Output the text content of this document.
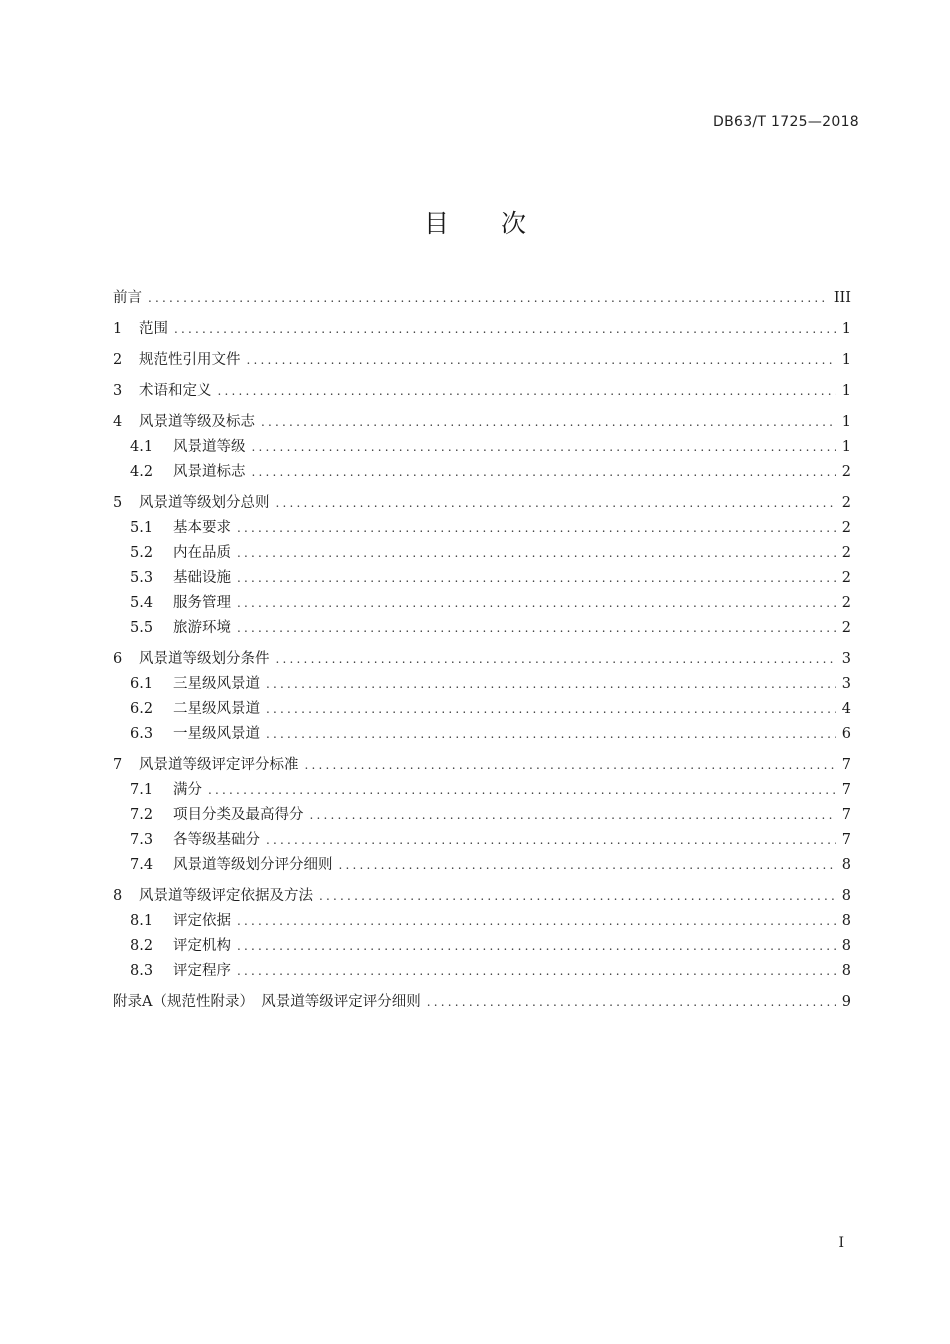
DB63/T 1725—2018
目 次
前言 .....	III
1	范围 .....	1
2	规范性引用文件 .....	1
3	术语和定义 .....	1
4	风景道等级及标志 .....	1
4.1	风景道等级 .....	1
4.2	风景道标志 .....	2
5	风景道等级划分总则 .....	2
5.1	基本要求 .....	2
5.2	内在品质 .....	2
5.3	基础设施 .....	2
5.4	服务管理 .....	2
5.5	旅游环境 .....	2
6	风景道等级划分条件 .....	3
6.1	三星级风景道 .....	3
6.2	二星级风景道 .....	4
6.3	一星级风景道 .....	6
7	风景道等级评定评分标准 .....	7
7.1	满分 .....	7
7.2	项目分类及最高得分 .....	7
7.3	各等级基础分 .....	7
7.4	风景道等级划分评分细则 .....	8
8	风景道等级评定依据及方法 .....	8
8.1	评定依据 .....	8
8.2	评定机构 .....	8
8.3	评定程序 .....	8
附录A（规范性附录）　风景道等级评定评分细则 .....	9
I
